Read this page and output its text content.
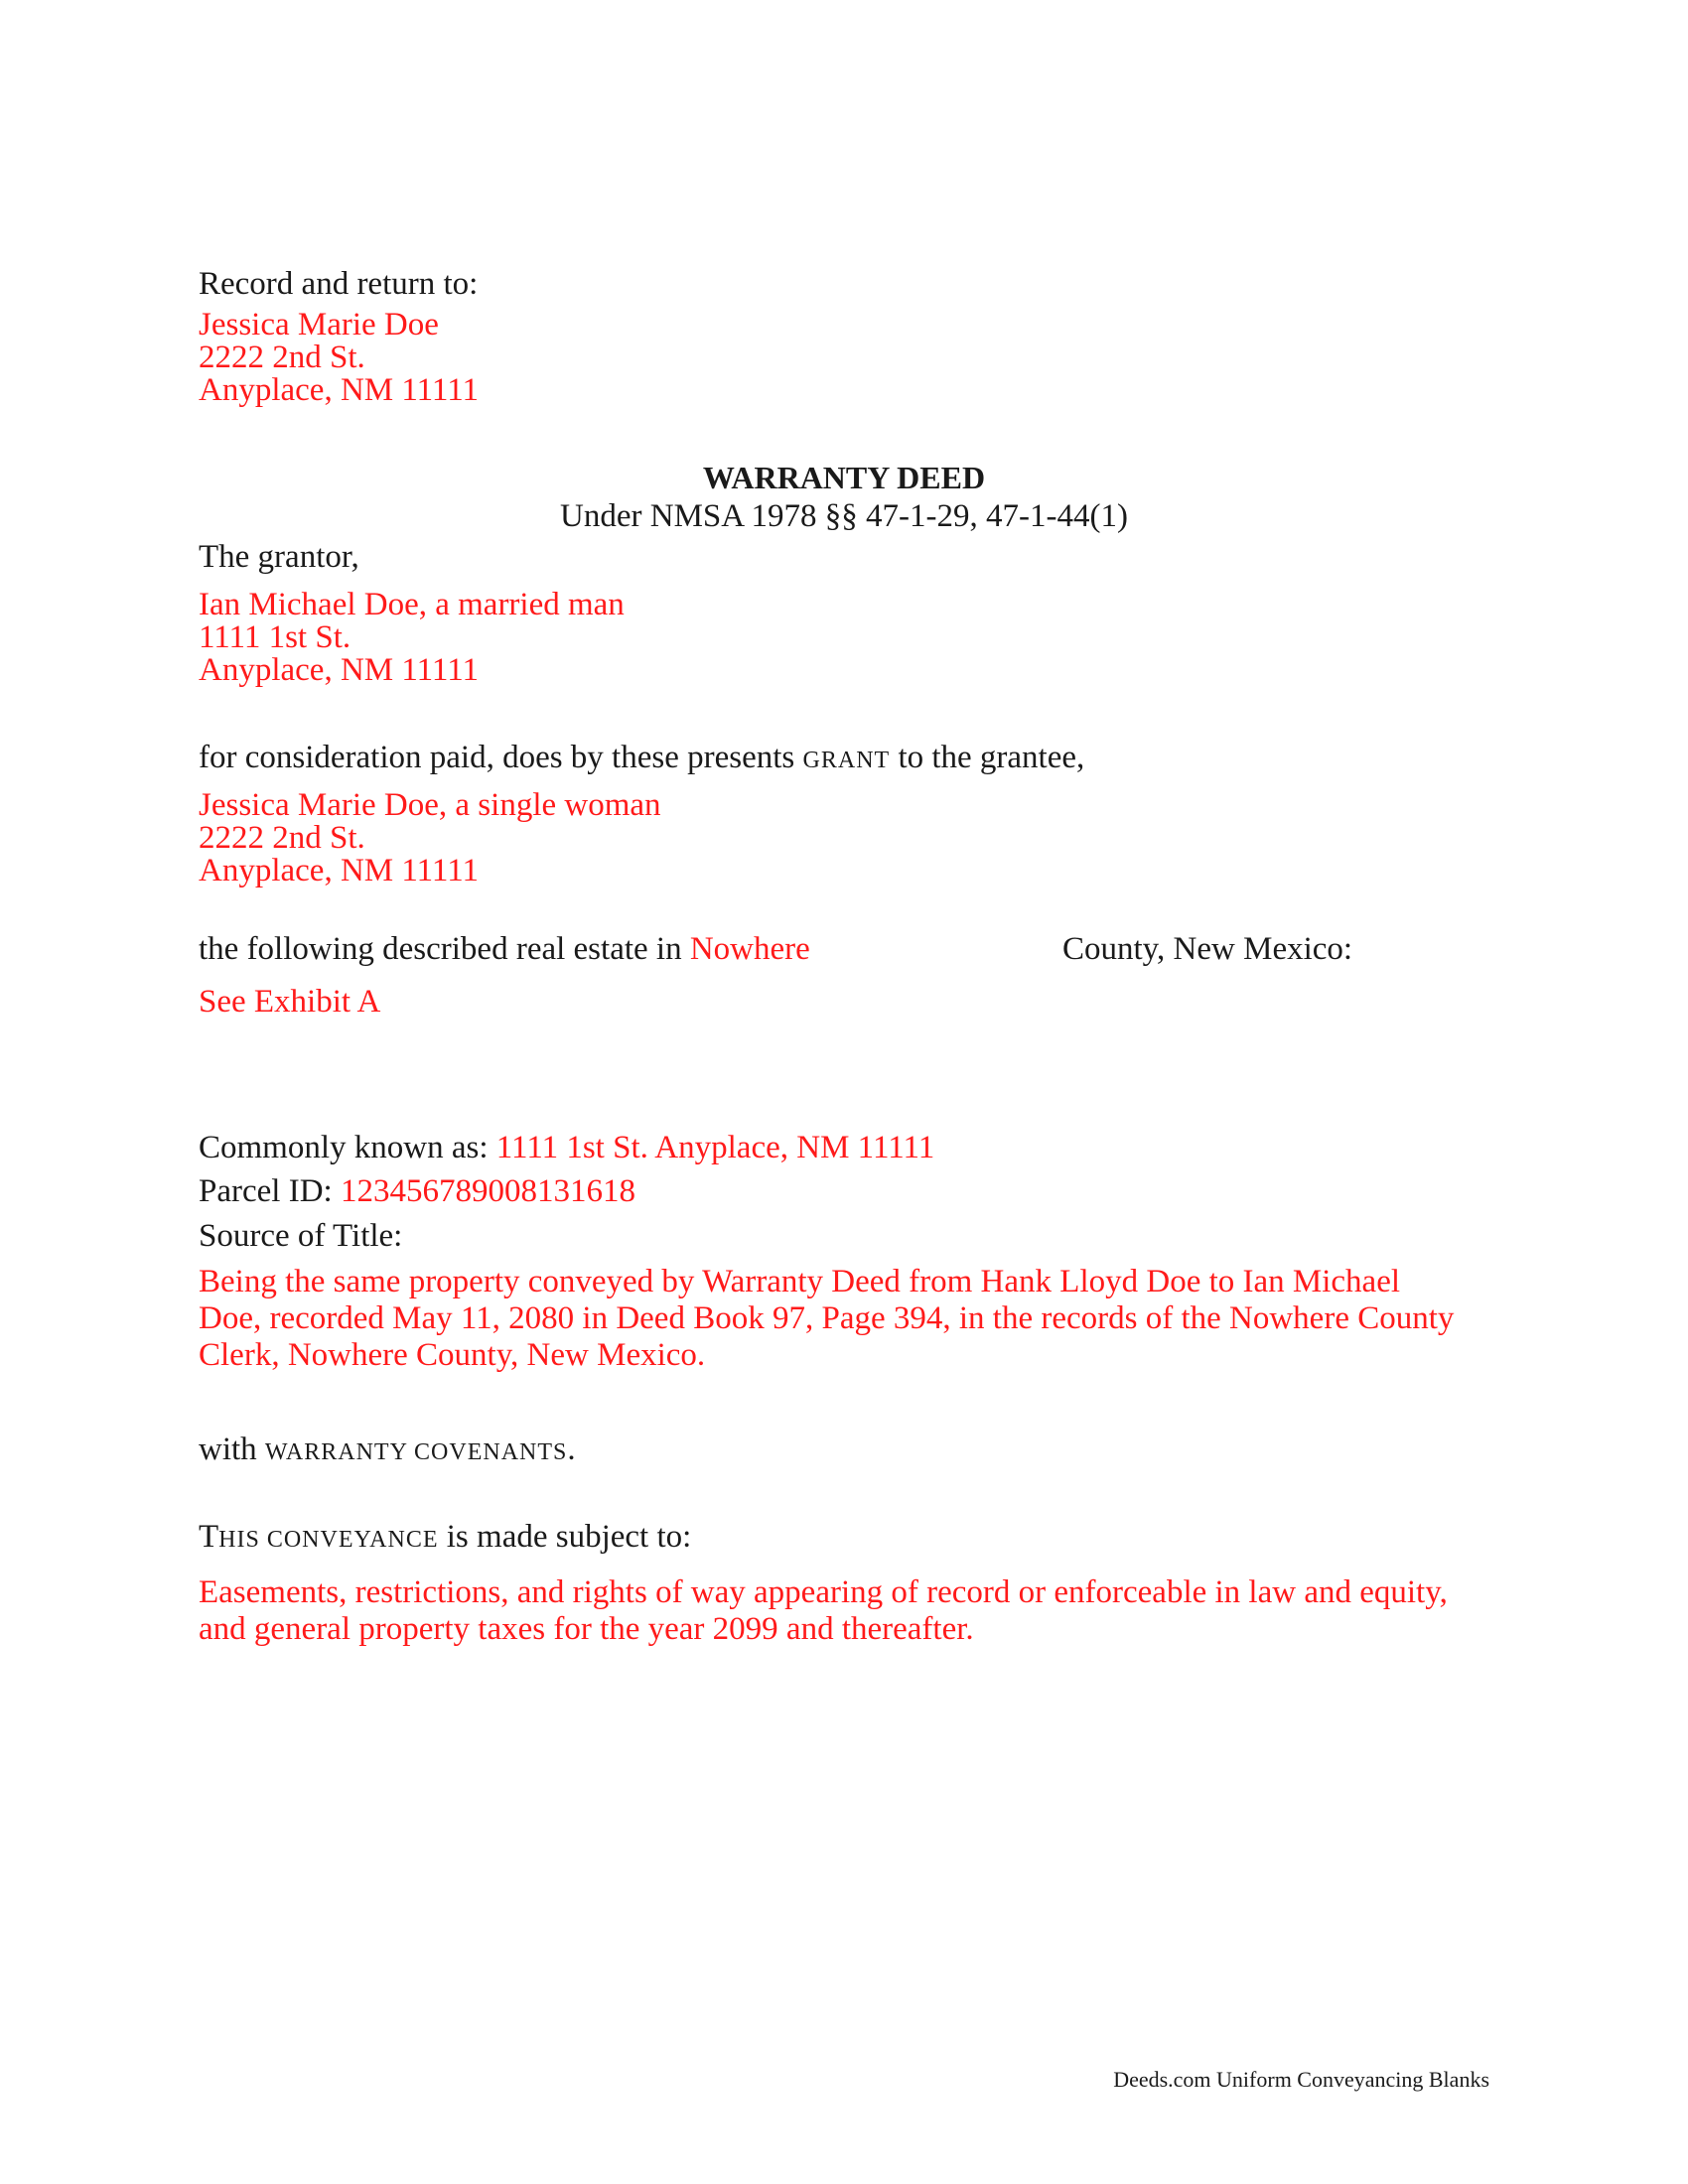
Record and return to:
Jessica Marie Doe
2222 2nd St.
Anyplace, NM 11111
WARRANTY DEED
Under NMSA 1978 §§ 47-1-29, 47-1-44(1)
The grantor,
Ian Michael Doe, a married man
1111 1st St.
Anyplace, NM 11111
for consideration paid, does by these presents GRANT to the grantee,
Jessica Marie Doe, a single woman
2222 2nd St.
Anyplace, NM 11111
the following described real estate in Nowhere	County, New Mexico:
See Exhibit A
Commonly known as: 1111 1st St. Anyplace, NM 11111
Parcel ID: 123456789008131618
Source of Title:
Being the same property conveyed by Warranty Deed from Hank Lloyd Doe to Ian Michael
Doe, recorded May 11, 2080 in Deed Book 97, Page 394, in the records of the Nowhere County
Clerk, Nowhere County, New Mexico.
with WARRANTY COVENANTS.
THIS CONVEYANCE is made subject to:
Easements, restrictions, and rights of way appearing of record or enforceable in law and equity,
and general property taxes for the year 2099 and thereafter.
Deeds.com Uniform Conveyancing Blanks
